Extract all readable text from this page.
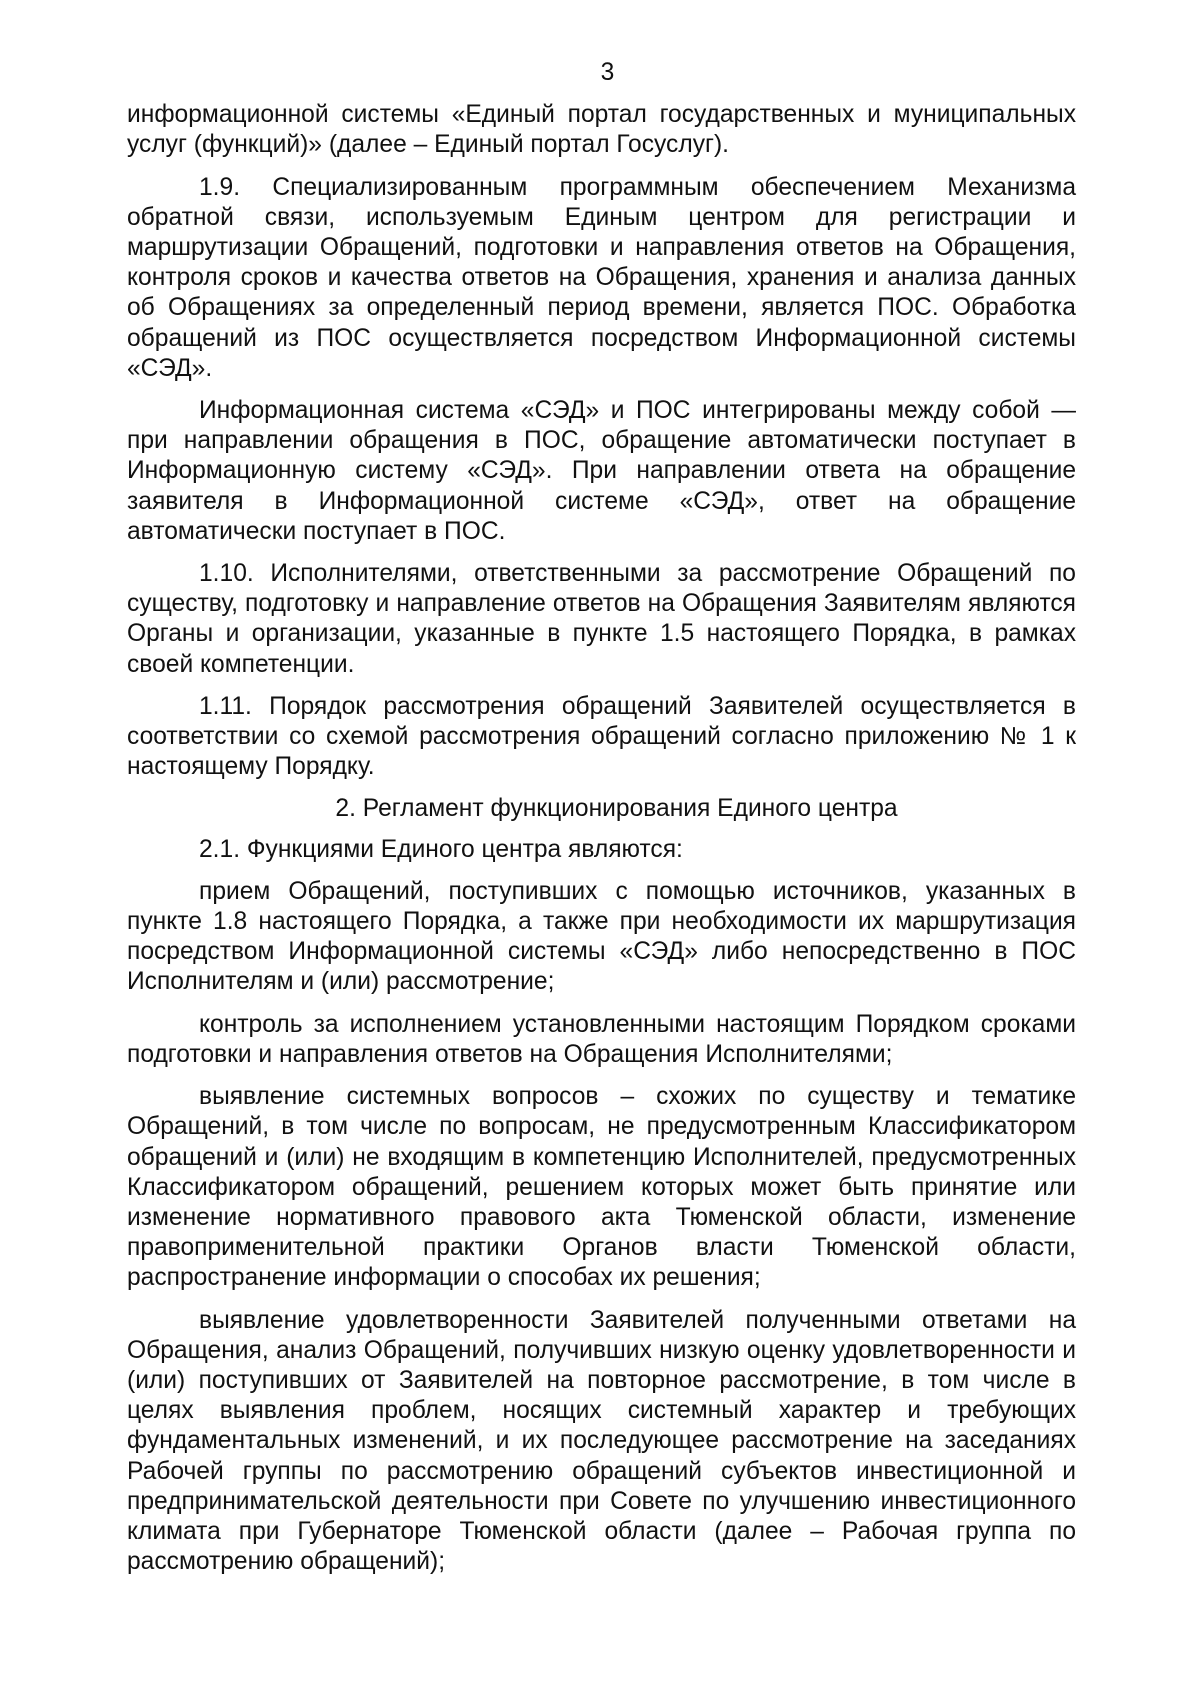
3

информационной системы «Единый портал государственных и муниципальных услуг (функций)» (далее – Единый портал Госуслуг).

1.9. Специализированным программным обеспечением Механизма обратной связи, используемым Единым центром для регистрации и маршрутизации Обращений, подготовки и направления ответов на Обращения, контроля сроков и качества ответов на Обращения, хранения и анализа данных об Обращениях за определенный период времени, является ПОС. Обработка обращений из ПОС осуществляется посредством Информационной системы «СЭД».

Информационная система «СЭД» и ПОС интегрированы между собой — при направлении обращения в ПОС, обращение автоматически поступает в Информационную систему «СЭД». При направлении ответа на обращение заявителя в Информационной системе «СЭД», ответ на обращение автоматически поступает в ПОС.

1.10. Исполнителями, ответственными за рассмотрение Обращений по существу, подготовку и направление ответов на Обращения Заявителям являются Органы и организации, указанные в пункте 1.5 настоящего Порядка, в рамках своей компетенции.

1.11. Порядок рассмотрения обращений Заявителей осуществляется в соответствии со схемой рассмотрения обращений согласно приложению № 1 к настоящему Порядку.

2. Регламент функционирования Единого центра

2.1. Функциями Единого центра являются:

прием Обращений, поступивших с помощью источников, указанных в пункте 1.8 настоящего Порядка, а также при необходимости их маршрутизация посредством Информационной системы «СЭД» либо непосредственно в ПОС Исполнителям и (или) рассмотрение;

контроль за исполнением установленными настоящим Порядком сроками подготовки и направления ответов на Обращения Исполнителями;

выявление системных вопросов – схожих по существу и тематике Обращений, в том числе по вопросам, не предусмотренным Классификатором обращений и (или) не входящим в компетенцию Исполнителей, предусмотренных Классификатором обращений, решением которых может быть принятие или изменение нормативного правового акта Тюменской области, изменение правоприменительной практики Органов власти Тюменской области, распространение информации о способах их решения;

выявление удовлетворенности Заявителей полученными ответами на Обращения, анализ Обращений, получивших низкую оценку удовлетворенности и (или) поступивших от Заявителей на повторное рассмотрение, в том числе в целях выявления проблем, носящих системный характер и требующих фундаментальных изменений, и их последующее рассмотрение на заседаниях Рабочей группы по рассмотрению обращений субъектов инвестиционной и предпринимательской деятельности при Совете по улучшению инвестиционного климата при Губернаторе Тюменской области (далее – Рабочая группа по рассмотрению обращений);
